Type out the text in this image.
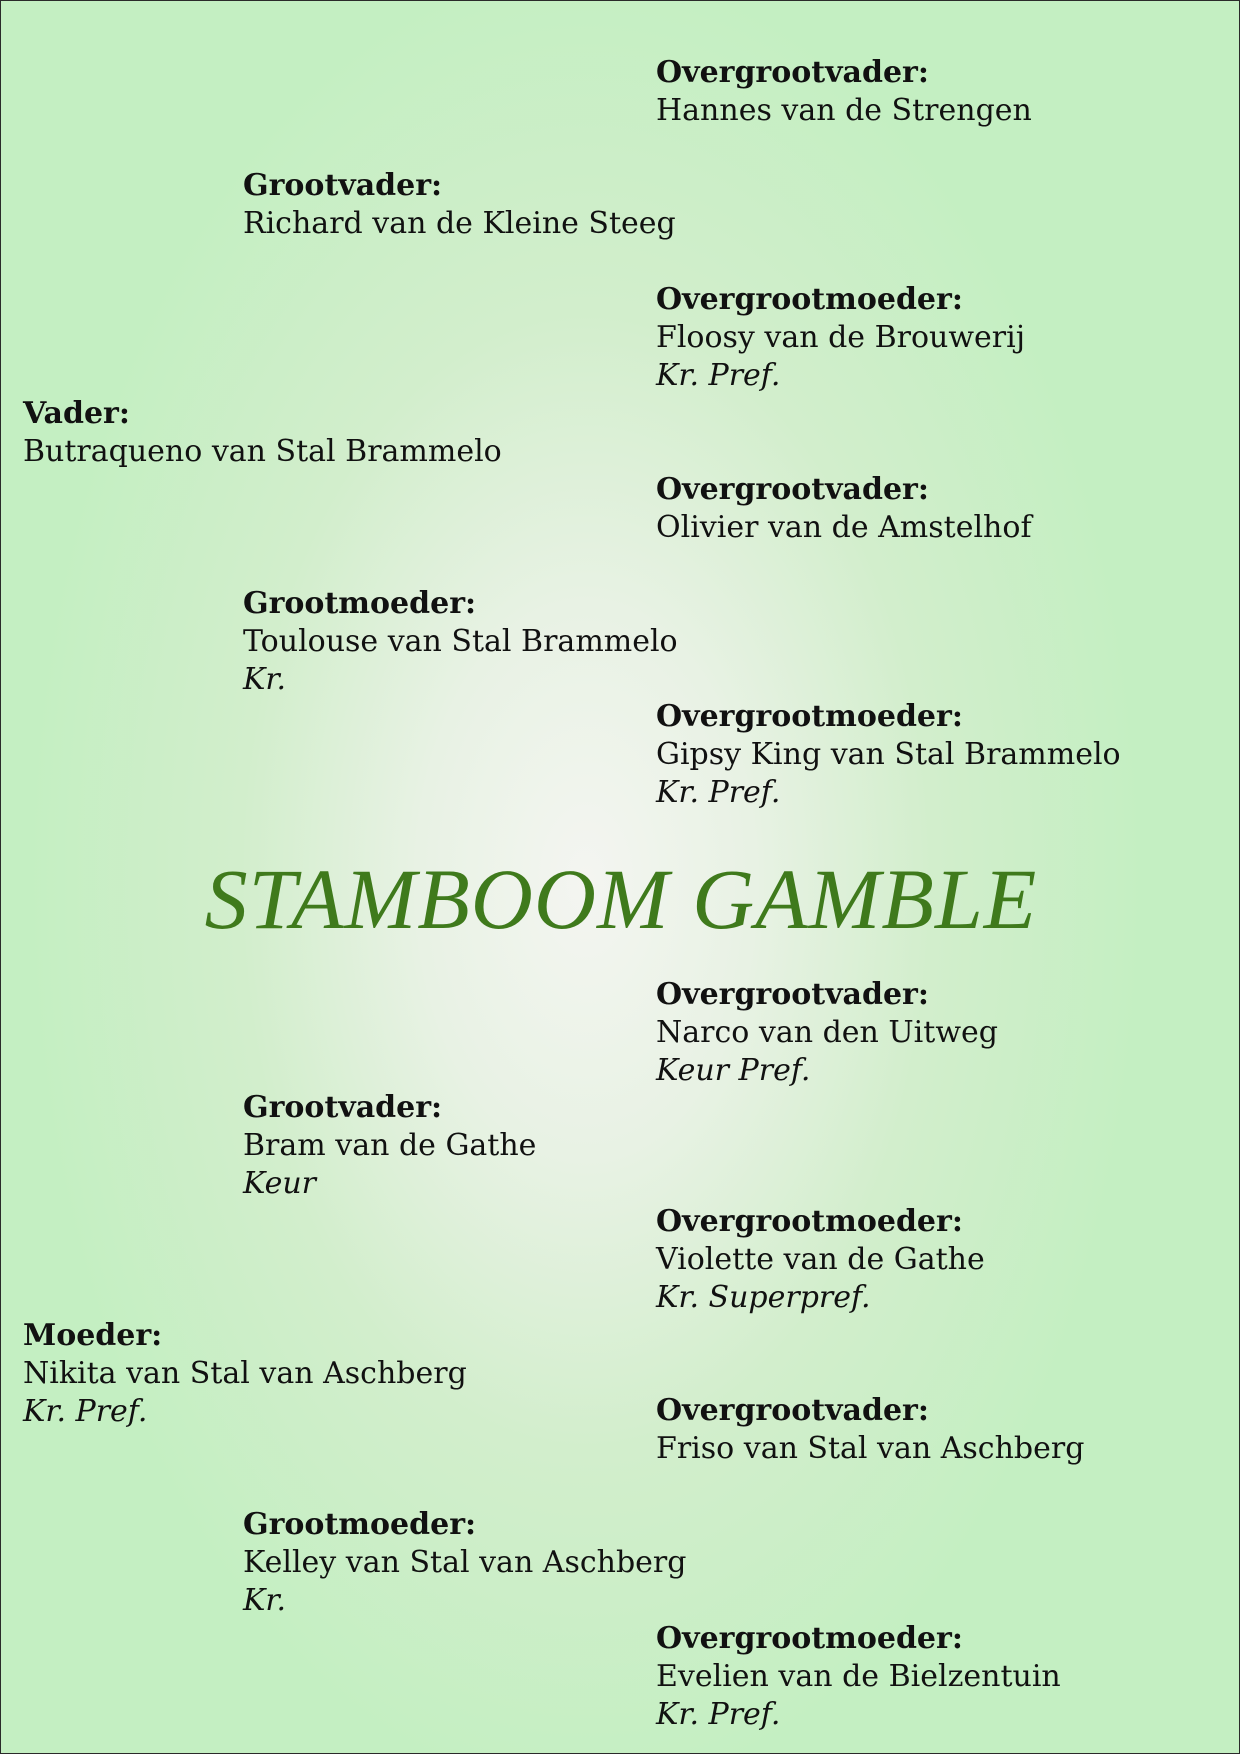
Overgrootvader:
Hannes van de Strengen
Grootvader:
Richard van de Kleine Steeg
Overgrootmoeder:
Floosy van de Brouwerij
Kr. Pref.
Vader:
Butraqueno van Stal Brammelo
Overgrootvader:
Olivier van de Amstelhof
Grootmoeder:
Toulouse van Stal Brammelo
Kr.
Overgrootmoeder:
Gipsy King van Stal Brammelo
Kr. Pref.
STAMBOOM GAMBLE
Overgrootvader:
Narco van den Uitweg
Keur Pref.
Grootvader:
Bram van de Gathe
Keur
Overgrootmoeder:
Violette van de Gathe
Kr. Superpref.
Moeder:
Nikita van Stal van Aschberg
Kr. Pref.	Overgrootvader:
Friso van Stal van Aschberg
Grootmoeder:
Kelley van Stal van Aschberg
Kr.
Overgrootmoeder:
Evelien van de Bielzentuin
Kr. Pref.
